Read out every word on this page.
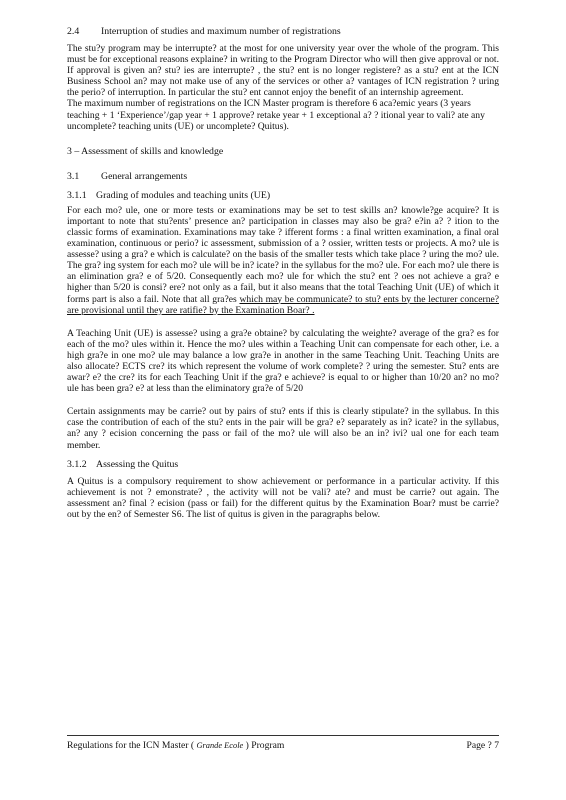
2.4 Interruption of studies and maximum number of registrations

The stu?y program may be interrupte? at the most for one university year over the whole of the program. This must be for exceptional reasons explaine? in writing to the Program Director who will then give approval or not. If approval is given an? stu? ies are interrupte? , the stu? ent is no longer registere? as a stu? ent at the ICN Business School an? may not make use of any of the services or other a? vantages of ICN registration ? uring the perio? of interruption. In particular the stu? ent cannot enjoy the benefit of an internship agreement.

The maximum number of registrations on the ICN Master program is therefore 6 aca?emic years (3 years teaching + 1 ‘Experience’/gap year + 1 approve? retake year + 1 exceptional a? ? itional year to vali? ate any uncomplete? teaching units (UE) or uncomplete? Quitus).

3 – Assessment of skills and knowledge
3.1 General arrangements
3.1.1 Grading of modules and teaching units (UE)

For each mo? ule, one or more tests or examinations may be set to test skills an? knowle?ge acquire? It is important to note that stu?ents’ presence an? participation in classes may also be gra? e?in a? ? ition to the classic forms of examination. Examinations may take ? ifferent forms : a final written examination, a final oral examination, continuous or perio? ic assessment, submission of a ? ossier, written tests or projects. A mo? ule is assesse? using a gra? e which is calculate? on the basis of the smaller tests which take place ? uring the mo? ule. The gra? ing system for each mo? ule will be in? icate? in the syllabus for the mo? ule. For each mo? ule there is an elimination gra? e of 5/20. Consequently each mo? ule for which the stu? ent ? oes not achieve a gra? e higher than 5/20 is consi? ere? not only as a fail, but it also means that the total Teaching Unit (UE) of which it forms part is also a fail. Note that all gra?es which may be communicate? to stu? ents by the lecturer concerne? are provisional until they are ratifie? by the Examination Boar? .

A Teaching Unit (UE) is assesse? using a gra?e obtaine? by calculating the weighte? average of the gra? es for each of the mo? ules within it. Hence the mo? ules within a Teaching Unit can compensate for each other, i.e. a high gra?e in one mo? ule may balance a low gra?e in another in the same Teaching Unit. Teaching Units are also allocate? ECTS cre? its which represent the volume of work complete? ? uring the semester. Stu? ents are awar? e? the cre? its for each Teaching Unit if the gra? e achieve? is equal to or higher than 10/20 an? no mo? ule has been gra? e? at less than the eliminatory gra?e of 5/20

Certain assignments may be carrie? out by pairs of stu? ents if this is clearly stipulate? in the syllabus. In this case the contribution of each of the stu? ents in the pair will be gra? e? separately as in? icate? in the syllabus, an? any ? ecision concerning the pass or fail of the mo? ule will also be an in? ivi? ual one for each team member.

3.1.2 Assessing the Quitus

A Quitus is a compulsory requirement to show achievement or performance in a particular activity. If this achievement is not ? emonstrate? , the activity will not be vali? ate? and must be carrie? out again. The assessment an? final ? ecision (pass or fail) for the different quitus by the Examination Boar? must be carrie? out by the en? of Semester S6. The list of quitus is given in the paragraphs below.

Regulations for the ICN Master ( Grande Ecole ) Program	Page ? 7
